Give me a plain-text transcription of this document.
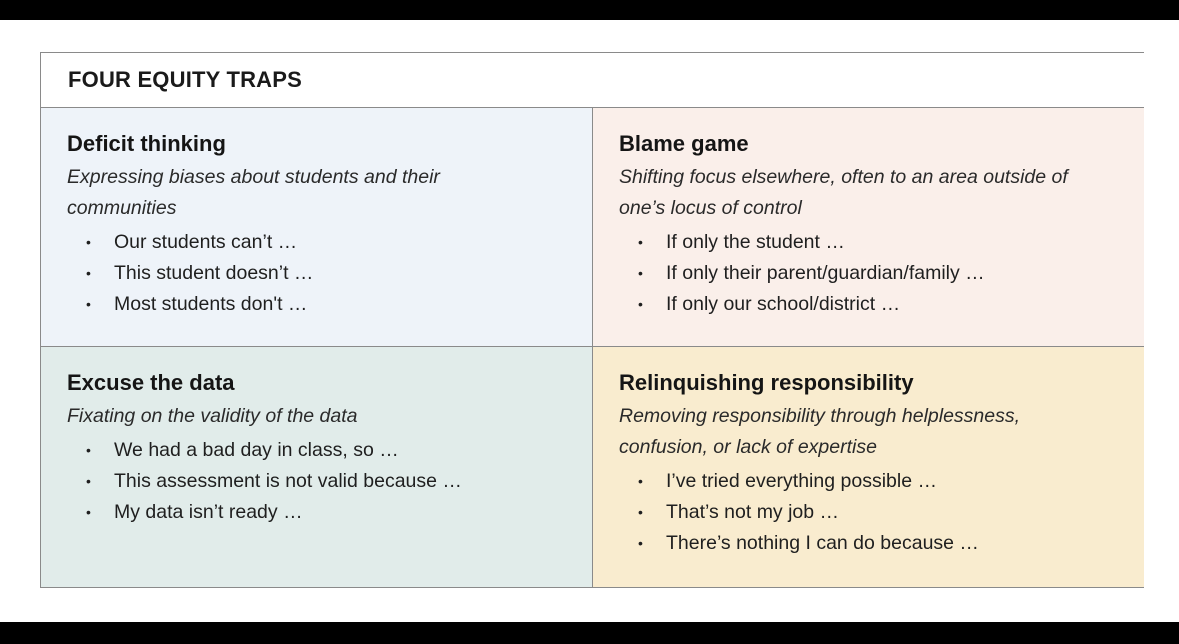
FOUR EQUITY TRAPS
Deficit thinking

Expressing biases about students and their communities

• Our students can’t …
• This student doesn’t …
• Most students don't …
Blame game

Shifting focus elsewhere, often to an area outside of one’s locus of control

• If only the student …
• If only their parent/guardian/family …
• If only our school/district …
Excuse the data

Fixating on the validity of the data

• We had a bad day in class, so …
• This assessment is not valid because …
• My data isn’t ready …
Relinquishing responsibility

Removing responsibility through helplessness, confusion, or lack of expertise

• I’ve tried everything possible …
• That’s not my job …
• There’s nothing I can do because …
